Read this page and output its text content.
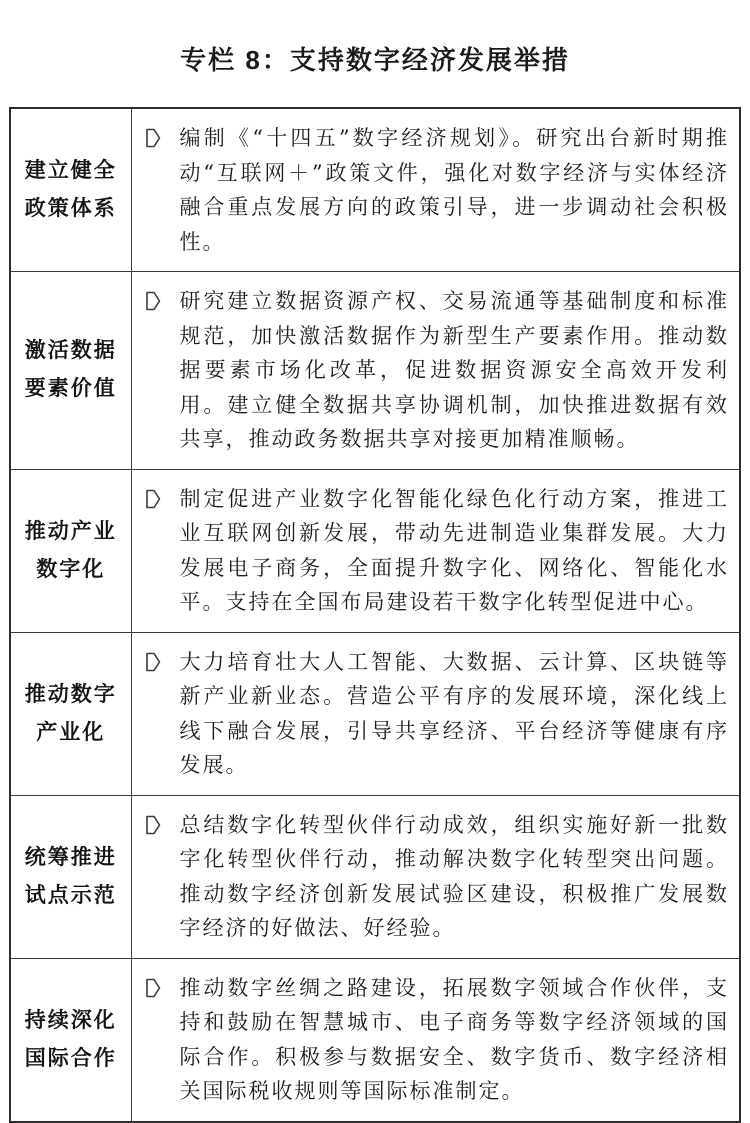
专栏 8：支持数字经济发展举措
建立健全
政策体系	编制《“十四五”数字经济规划》。研究出台新时期推动“互联网＋”政策文件，强化对数字经济与实体经济融合重点发展方向的政策引导，进一步调动社会积极性。

激活数据
要素价值	研究建立数据资源产权、交易流通等基础制度和标准规范，加快激活数据作为新型生产要素作用。推动数据要素市场化改革，促进数据资源安全高效开发利用。建立健全数据共享协调机制，加快推进数据有效共享，推动政务数据共享对接更加精准顺畅。

推动产业
数字化	制定促进产业数字化智能化绿色化行动方案，推进工业互联网创新发展，带动先进制造业集群发展。大力发展电子商务，全面提升数字化、网络化、智能化水平。支持在全国布局建设若干数字化转型促进中心。

推动数字
产业化	大力培育壮大人工智能、大数据、云计算、区块链等新产业新业态。营造公平有序的发展环境，深化线上线下融合发展，引导共享经济、平台经济等健康有序发展。

统筹推进
试点示范	总结数字化转型伙伴行动成效，组织实施好新一批数字化转型伙伴行动，推动解决数字化转型突出问题。推动数字经济创新发展试验区建设，积极推广发展数字经济的好做法、好经验。

持续深化
国际合作	推动数字丝绸之路建设，拓展数字领域合作伙伴，支持和鼓励在智慧城市、电子商务等数字经济领域的国际合作。积极参与数据安全、数字货币、数字经济相关国际税收规则等国际标准制定。
